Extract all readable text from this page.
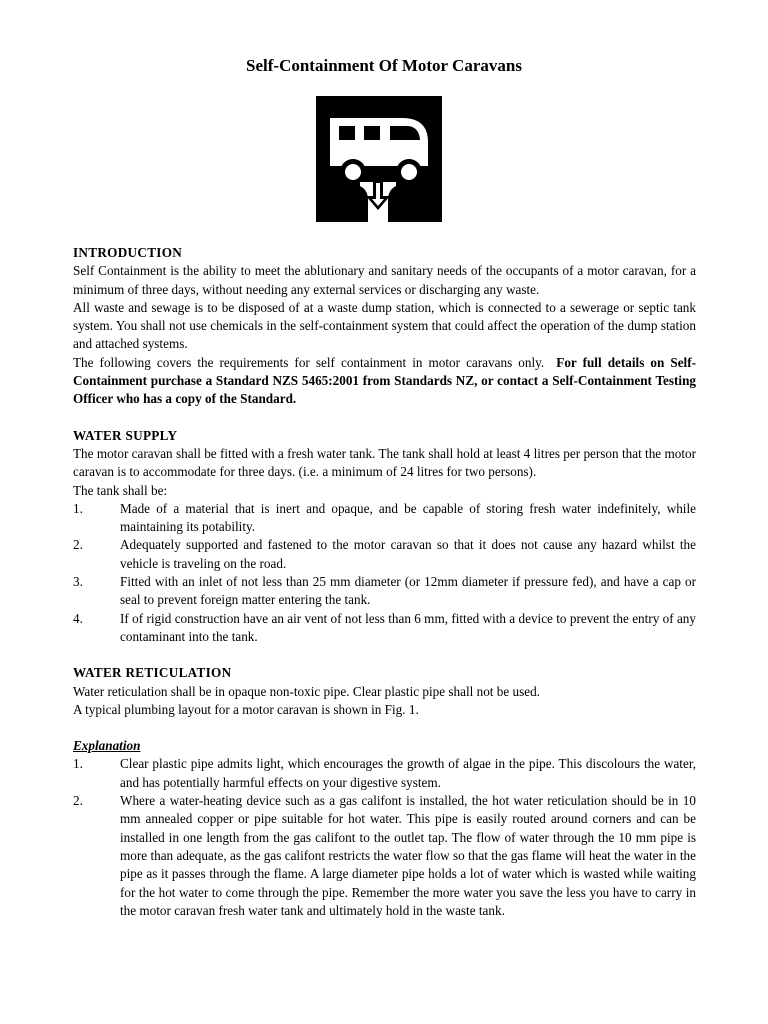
Self-Containment Of Motor Caravans
INTRODUCTION

Self Containment is the ability to meet the ablutionary and sanitary needs of the occupants of a motor caravan, for a minimum of three days, without needing any external services or discharging any waste.

All waste and sewage is to be disposed of at a waste dump station, which is connected to a sewerage or septic tank system. You shall not use chemicals in the self-containment system that could affect the operation of the dump station and attached systems.

The following covers the requirements for self containment in motor caravans only. For full details on Self-Containment purchase a Standard NZS 5465:2001 from Standards NZ, or contact a Self-Containment Testing Officer who has a copy of the Standard.

WATER SUPPLY

The motor caravan shall be fitted with a fresh water tank. The tank shall hold at least 4 litres per person that the motor caravan is to accommodate for three days. (i.e. a minimum of 24 litres for two persons).

The tank shall be:

1.	Made of a material that is inert and opaque, and be capable of storing fresh water indefinitely, while maintaining its potability.
2.	Adequately supported and fastened to the motor caravan so that it does not cause any hazard whilst the vehicle is traveling on the road.
3.	Fitted with an inlet of not less than 25 mm diameter (or 12mm diameter if pressure fed), and have a cap or seal to prevent foreign matter entering the tank.
4.	If of rigid construction have an air vent of not less than 6 mm, fitted with a device to prevent the entry of any contaminant into the tank.
WATER RETICULATION

Water reticulation shall be in opaque non-toxic pipe. Clear plastic pipe shall not be used.

A typical plumbing layout for a motor caravan is shown in Fig. 1.

Explanation
1.	Clear plastic pipe admits light, which encourages the growth of algae in the pipe. This discolours the water, and has potentially harmful effects on your digestive system.
2.	Where a water-heating device such as a gas califont is installed, the hot water reticulation should be in 10 mm annealed copper or pipe suitable for hot water. This pipe is easily routed around corners and can be installed in one length from the gas califont to the outlet tap. The flow of water through the 10 mm pipe is more than adequate, as the gas califont restricts the water flow so that the gas flame will heat the water in the pipe as it passes through the flame. A large diameter pipe holds a lot of water which is wasted while waiting for the hot water to come through the pipe. Remember the more water you save the less you have to carry in the motor caravan fresh water tank and ultimately hold in the waste tank.
